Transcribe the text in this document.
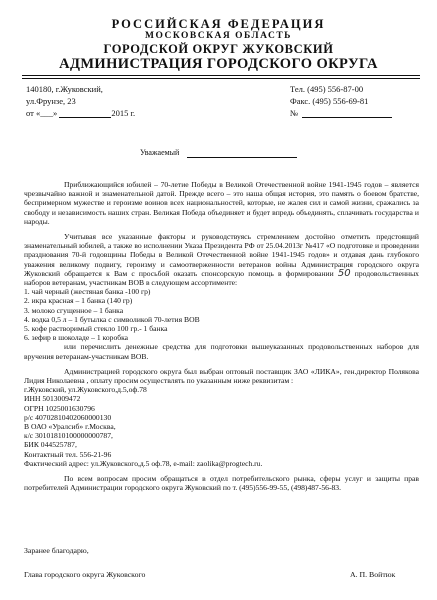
РОССИЙСКАЯ ФЕДЕРАЦИЯ
МОСКОВСКАЯ ОБЛАСТЬ
ГОРОДСКОЙ ОКРУГ ЖУКОВСКИЙ
АДМИНИСТРАЦИЯ ГОРОДСКОГО ОКРУГА
140180, г.Жуковский,
ул.Фрунзе, 23
от «___»	2015 г.
Тел. (495) 556-87-00
Факс. (495) 556-69-81
№
Уважаемый

Приближающийся юбилей – 70-летие Победы в Великой Отечественной войне 1941-1945 годов – является чрезвычайно важной и знаменательной датой. Прежде всего – это наша общая история, это память о боевом братстве, беспримерном мужестве и героизме воинов всех национальностей, которые, не жалея сил и самой жизни, сражались за свободу и независимость наших стран. Великая Победа объединяет и будет впредь объединять, сплачивать государства и народы.

Учитывая все указанные факторы и руководствуясь стремлением достойно отметить предстоящий знаменательный юбилей, а также во исполнении Указа Президента РФ от 25.04.2013г №417 «О подготовке и проведении празднования 70-й годовщины Победы в Великой Отечественной войне 1941-1945 годов» и отдавая дань глубокого уважения великому подвигу, героизму и самоотверженности ветеранов войны Администрация городского округа Жуковский обращается к Вам с просьбой оказать спонсорскую помощь в формировании 50 продовольственных наборов ветеранам, участникам ВОВ в следующем ассортименте:

1. чай черный (жестяная банка -100 гр)
2. икра красная – 1 банка (140 гр)
3. молоко сгущенное – 1 банка
4. водка 0,5 л – 1 бутылка с символикой 70-летия ВОВ
5. кофе растворимый стекло 100 гр.- 1 банка
6. зефир в шоколаде – 1 коробка

или перечислить денежные средства для подготовки вышеуказанных продовольственных наборов для вручения ветеранам-участникам ВОВ.

Администрацией городского округа был выбран оптовый поставщик ЗАО «ЛИКА», ген.директор Полякова Лидия Николаевна , оплату просим осуществлять по указанным ниже реквизитам :

г.Жуковский, ул.Жуковского,д.5,оф.78
ИНН 5013009472
ОГРН 1025001630796
р/с 40702810402060000130
В ОАО «Уралсиб» г.Москва,
к/с 30101810100000000787,
БИК 044525787,
Контактный тел. 556-21-96
Фактический адрес: ул.Жуковского,д.5 оф.78, e-mail: zaolika@progtech.ru.

По всем вопросам просим обращаться в отдел потребительского рынка, сферы услуг и защиты прав потребителей Администрации городского округа Жуковский по т. (495)556-99-55, (498)487-56-83.

Заранее благодарю,
Глава городского округа Жуковского	А. П. Войтюк
